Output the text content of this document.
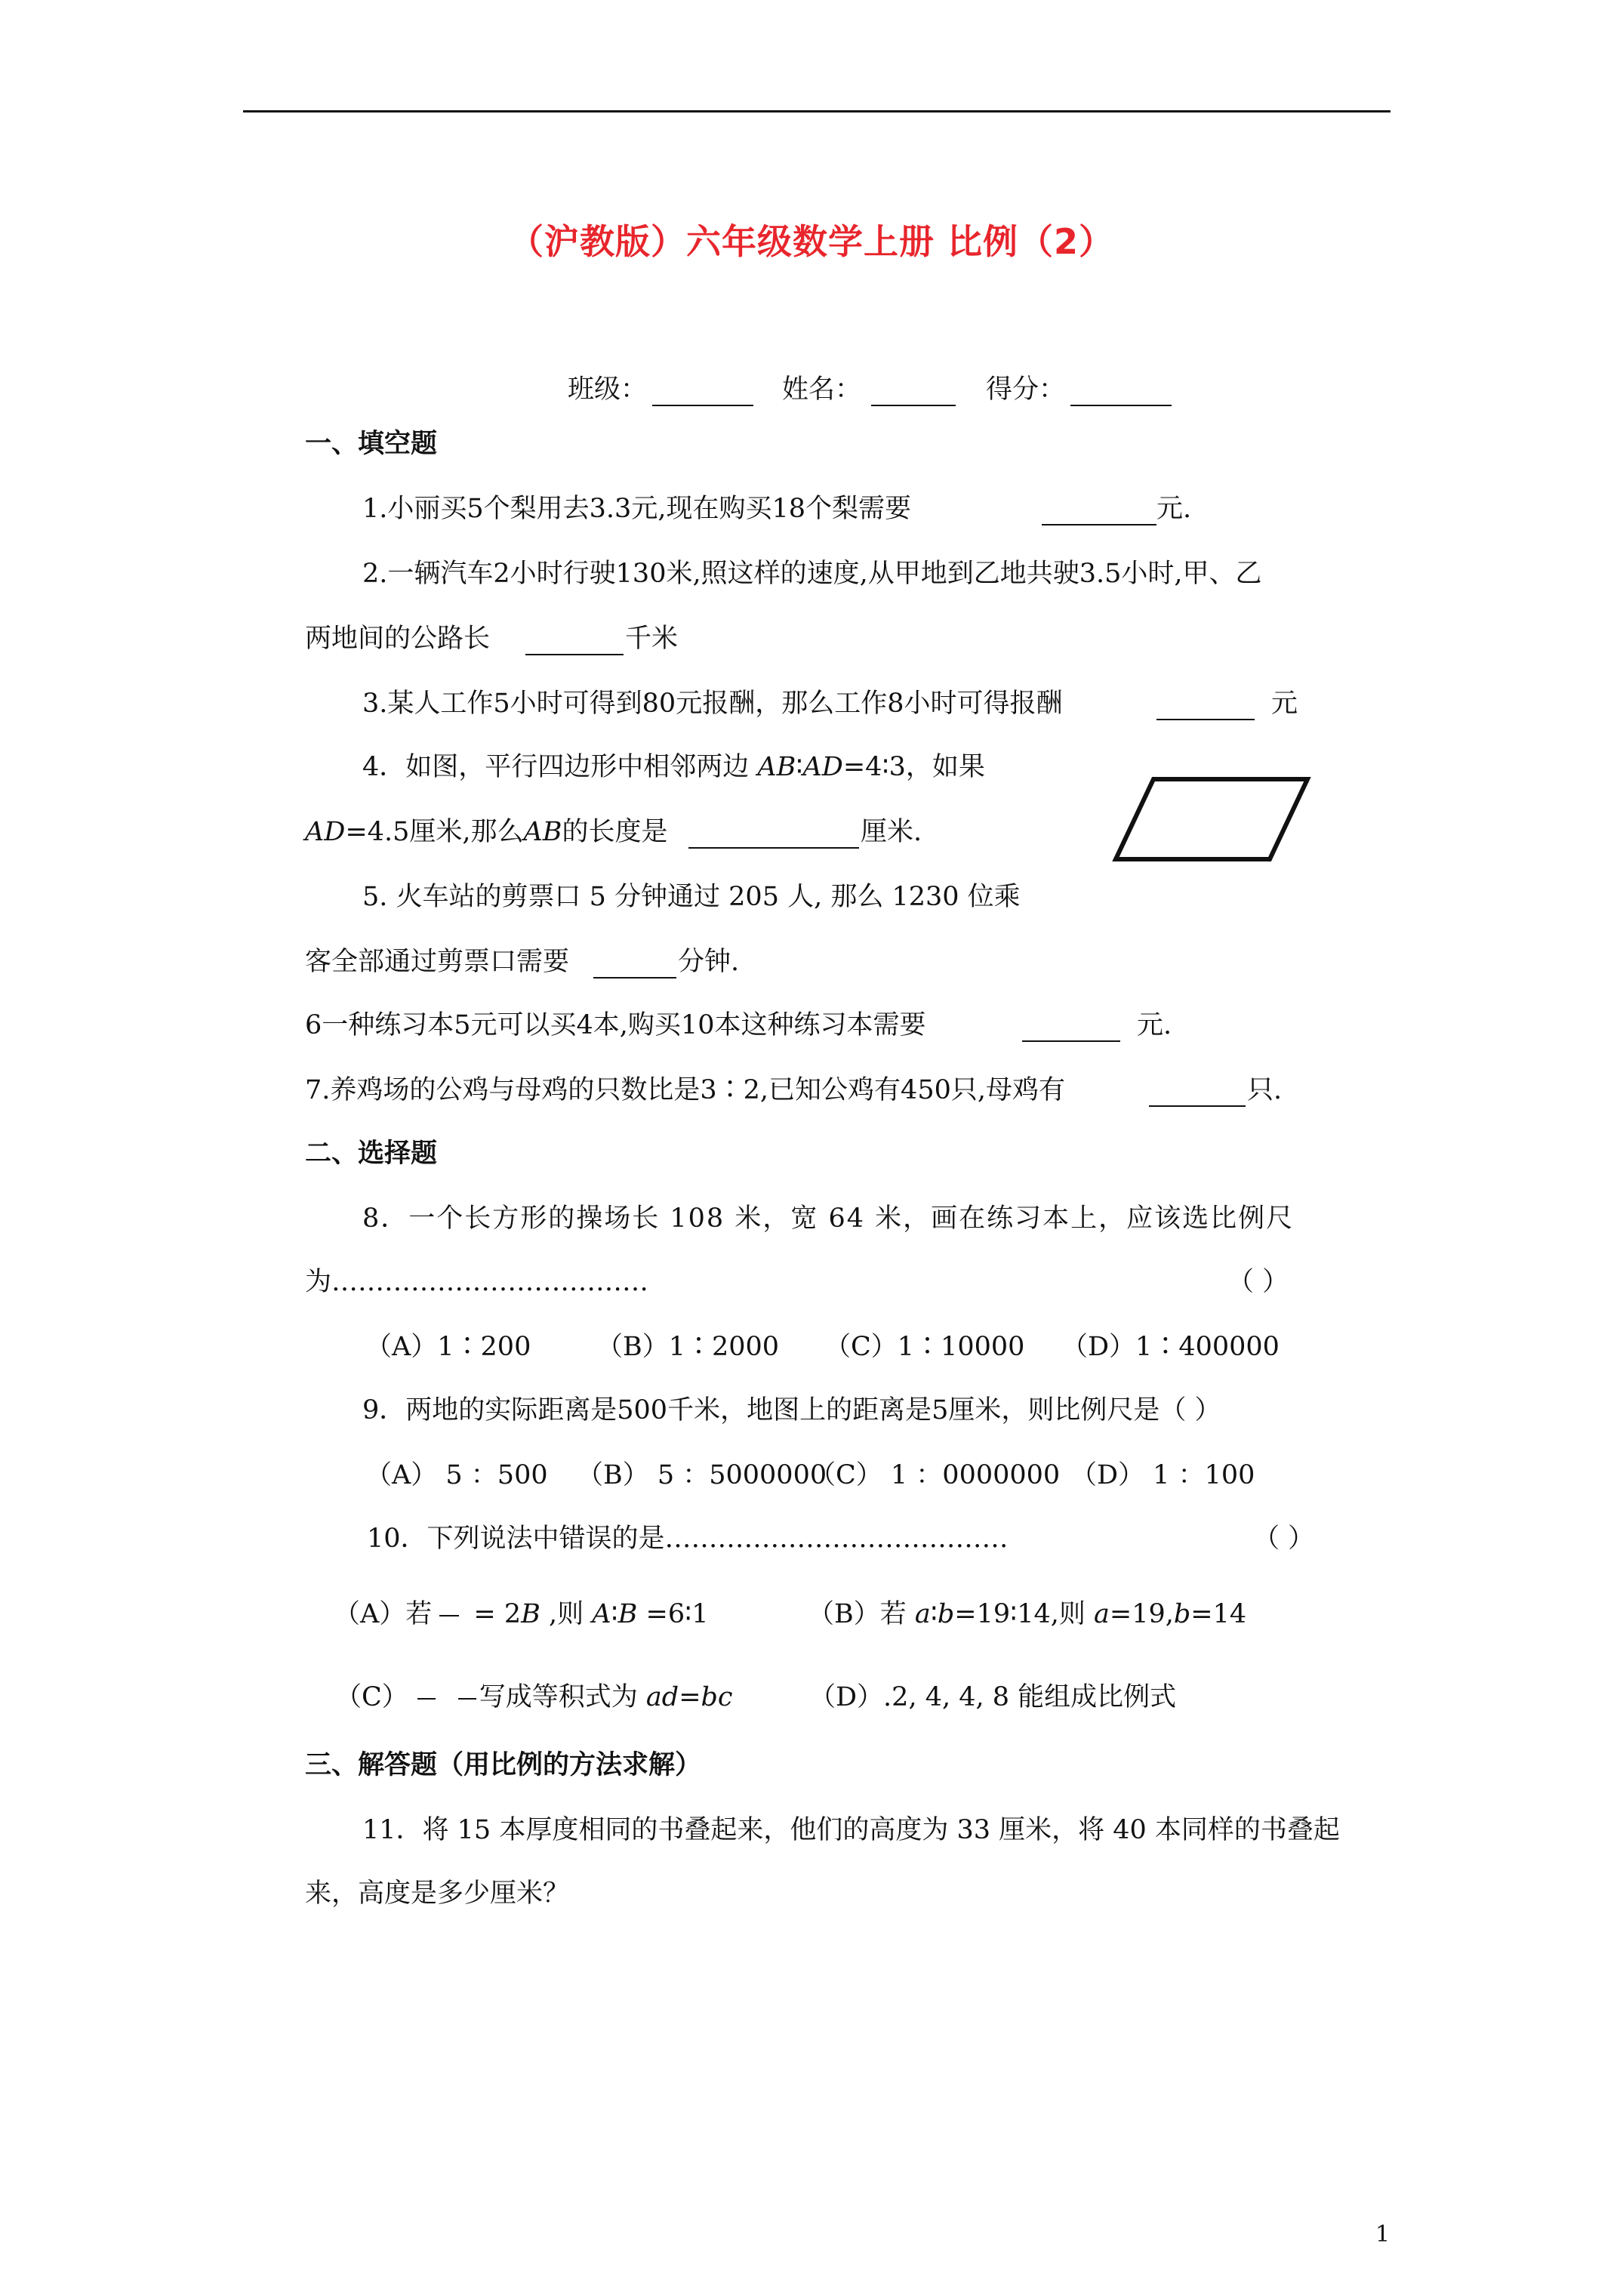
（沪教版）六年级数学上册 比例（2）
班级：	姓名：	得分：
一、填空题
1.小丽买5个梨用去3.3元,现在购买18个梨需要	元.
2.一辆汽车2小时行驶130米,照这样的速度,从甲地到乙地共驶3.5小时,甲、乙
两地间的公路长	千米
3.某人工作5小时可得到80元报酬，那么工作8小时可得报酬	元
4．如图，平行四边形中相邻两边 AB∶AD=4∶3，如果
AD=4.5厘米,那么AB的长度是	厘米.
5. 火车站的剪票口 5 分钟通过 205 人, 那么 1230 位乘
客全部通过剪票口需要	分钟.
6一种练习本5元可以买4本,购买10本这种练习本需要	元.
7.养鸡场的公鸡与母鸡的只数比是3∶2,已知公鸡有450只,母鸡有	只.
二、选择题
8．一个长方形的操场长 108 米，宽 64 米，画在练习本上，应该选比例尺
为………………………………	（ ）
（A）1∶200 （B）1∶2000 （C）1∶10000 （D）1∶400000
9．两地的实际距离是500千米，地图上的距离是5厘米，则比例尺是（ ）
（A） 5 ：500 （B） 5 ：5000000
（C） 1 ：0000000 （D） 1 ：100
10．下列说法中错误的是…………………………………	（ ）
（A）若 = 2B ,则 A∶B =6∶1	（B）若 a∶b=19∶14,则 a=19,b=14
（C）	写成等积式为 ad=bc	（D）.2, 4, 4, 8 能组成比例式
三、解答题（用比例的方法求解）
11．将 15 本厚度相同的书叠起来，他们的高度为 33 厘米，将 40 本同样的书叠起
来，高度是多少厘米？
1
